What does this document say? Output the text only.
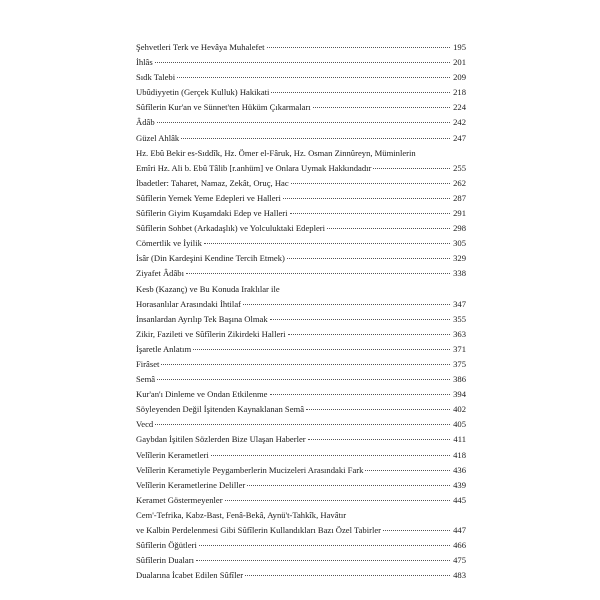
Şehvetleri Terk ve Hevâya Muhalefet	195
İhlâs	201
Sıdk Talebi	209
Ubûdiyyetin (Gerçek Kulluk) Hakikati	218
Sûfîlerin Kur'an ve Sünnet'ten Hüküm Çıkarmaları	224
Âdâb	242
Güzel Ahlâk	247
Hz. Ebû Bekir es-Sıddîk, Hz. Ömer el-Fâruk, Hz. Osman Zinnûreyn, Müminlerin
Emîri Hz. Ali b. Ebû Tâlib [r.anhüm] ve Onlara Uymak Hakkındadır	255
İbadetler: Taharet, Namaz, Zekât, Oruç, Hac	262
Sûfîlerin Yemek Yeme Edepleri ve Halleri	287
Sûfîlerin Giyim Kuşamdaki Edep ve Halleri	291
Sûfîlerin Sohbet (Arkadaşlık) ve Yolculuktaki Edepleri	298
Cömertlik ve İyilik	305
İsâr (Din Kardeşini Kendine Tercih Etmek)	329
Ziyafet Âdâbı	338
Kesb (Kazanç) ve Bu Konuda Iraklılar ile
Horasanlılar Arasındaki İhtilaf	347
İnsanlardan Ayrılıp Tek Başına Olmak	355
Zikir, Fazileti ve Sûfîlerin Zikirdeki Halleri	363
İşaretle Anlatım	371
Firâset	375
Semâ	386
Kur'an'ı Dinleme ve Ondan Etkilenme	394
Söyleyenden Değil İşitenden Kaynaklanan Semâ	402
Vecd	405
Gaybdan İşitilen Sözlerden Bize Ulaşan Haberler	411
Velîlerin Kerametleri	418
Velîlerin Kerametiyle Peygamberlerin Mucizeleri Arasındaki Fark	436
Velîlerin Kerametlerine Deliller	439
Keramet Göstermeyenler	445
Cem'-Tefrika, Kabz-Bast, Fenâ-Bekâ, Aynü't-Tahkîk, Havâtır
ve Kalbin Perdelenmesi Gibi Sûfîlerin Kullandıkları Bazı Özel Tabirler	447
Sûfîlerin Öğütleri	466
Sûfîlerin Duaları	475
Dualarına İcabet Edilen Sûfîler	483
